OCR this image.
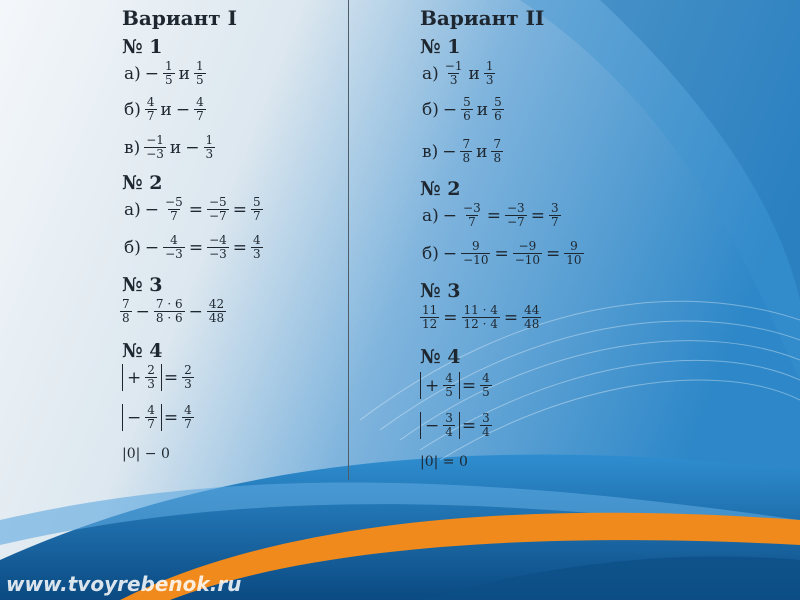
Вариант I
№ 1
$а) - \frac{1}{5}$ и 1
5
б) 4
7 $и - \frac{4}{7}$
в) −1
−3 $и - \frac{1}{3}$
№ 2
$а) - \frac{-5}{7} = \frac{-5}{-7} = \frac{5}{7}$
$б) - \frac{4}{-3} = \frac{-4}{-3} = \frac{4}{3}$
№ 3
7
$8 - \frac{7 \cdot 6}{8 \cdot 6} - \frac{42}{48}$
№ 4
+ $\frac{2}{3} = \frac{2}{3}$
− $\frac{4}{7} = \frac{4}{7}$
|0| − 0
Вариант II
№ 1
а) −1
3 и 1
3
$б) - \frac{5}{6}$ и 5
6
$в) - \frac{7}{8}$ и 7
8
№ 2
$а) - \frac{-3}{7} = \frac{-3}{-7} = \frac{3}{7}$
$б) - \frac{9}{-10} = \frac{-9}{-10} = \frac{9}{10}$
№ 3
$\frac{11}{12} = \frac{11 \cdot 4}{12 \cdot 4} = \frac{44}{48}$
№ 4
+ $\frac{4}{5} = \frac{4}{5}$
− $\frac{3}{4} = \frac{3}{4}$
|0| = 0
www.tvoyrebenok.ru
